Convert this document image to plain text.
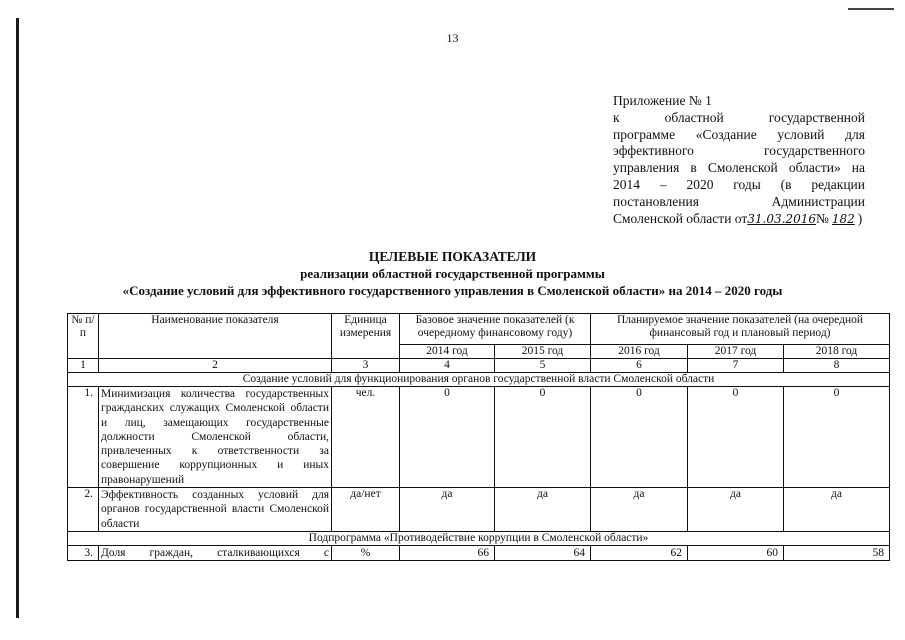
13
Приложение № 1
к областной государственной
программе «Создание условий для
эффективного государственного
управления в Смоленской области» на
2014 – 2020 годы (в редакции
постановления Администрации
Смоленской области от31.03.2016№ 182 )
ЦЕЛЕВЫЕ ПОКАЗАТЕЛИ
реализации областной государственной программы
«Создание условий для эффективного государственного управления в Смоленской области» на 2014 – 2020 годы
№ п/п	Наименование показателя	Единица измерения	Базовое значение показателей (к очередному финансовому году)		Планируемое значение показателей (на очередной финансовый год и плановый период)		
			2014 год	2015 год	2016 год	2017 год	2018 год
1	2	3	4	5	6	7	8
Создание условий для функционирования органов государственной власти Смоленской области							
1.	Минимизация количества государственных гражданских служащих Смоленской области и лиц, замещающих государственные должности Смоленской области, привлеченных к ответственности за совершение коррупционных и иных правонарушений	чел.	0	0	0	0	0
2.	Эффективность созданных условий для органов государственной власти Смоленской области	да/нет	да	да	да	да	да
Подпрограмма «Противодействие коррупции в Смоленской области»							
3.	Доля граждан, сталкивающихся с	%	66	64	62	60	58
